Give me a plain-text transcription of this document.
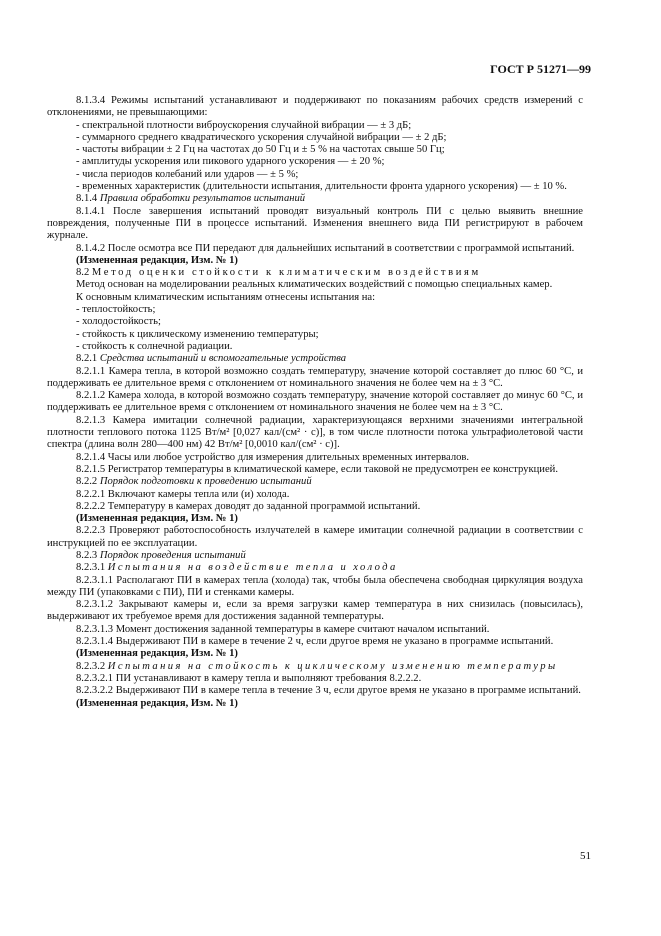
ГОСТ Р 51271—99

8.1.3.4 Режимы испытаний устанавливают и поддерживают по показаниям рабочих средств измерений с отклонениями, не превышающими:

- спектральной плотности виброускорения случайной вибрации — ± 3 дБ;

- суммарного среднего квадратического ускорения случайной вибрации — ± 2 дБ;

- частоты вибрации ± 2 Гц на частотах до 50 Гц и ± 5 % на частотах свыше 50 Гц;

- амплитуды ускорения или пикового ударного ускорения — ± 20 %;

- числа периодов колебаний или ударов — ± 5 %;

- временных характеристик (длительности испытания, длительности фронта ударного ускорения) — ± 10 %.

8.1.4 Правила обработки результатов испытаний

8.1.4.1 После завершения испытаний проводят визуальный контроль ПИ с целью выявить внешние повреждения, полученные ПИ в процессе испытаний. Изменения внешнего вида ПИ регистрируют в рабочем журнале.

8.1.4.2 После осмотра все ПИ передают для дальнейших испытаний в соответствии с программой испытаний.

(Измененная редакция, Изм. № 1)

8.2 Метод оценки стойкости к климатическим воздействиям

Метод основан на моделировании реальных климатических воздействий с помощью специальных камер.

К основным климатическим испытаниям отнесены испытания на:

- теплостойкость;

- холодостойкость;

- стойкость к циклическому изменению температуры;

- стойкость к солнечной радиации.

8.2.1 Средства испытаний и вспомогательные устройства

8.2.1.1 Камера тепла, в которой возможно создать температуру, значение которой составляет до плюс 60 °С, и поддерживать ее длительное время с отклонением от номинального значения не более чем на ± 3 °С.

8.2.1.2 Камера холода, в которой возможно создать температуру, значение которой составляет до минус 60 °С, и поддерживать ее длительное время с отклонением от номинального значения не более чем на ± 3 °С.

8.2.1.3 Камера имитации солнечной радиации, характеризующаяся верхними значениями интегральной плотности теплового потока 1125 Вт/м² [0,027 кал/(см² · с)], в том числе плотности потока ультрафиолетовой части спектра (длина волн 280—400 нм) 42 Вт/м² [0,0010 кал/(см² · с)].

8.2.1.4 Часы или любое устройство для измерения длительных временных интервалов.

8.2.1.5 Регистратор температуры в климатической камере, если таковой не предусмотрен ее конструкцией.

8.2.2 Порядок подготовки к проведению испытаний

8.2.2.1 Включают камеры тепла или (и) холода.

8.2.2.2 Температуру в камерах доводят до заданной программой испытаний.

(Измененная редакция, Изм. № 1)

8.2.2.3 Проверяют работоспособность излучателей в камере имитации солнечной радиации в соответствии с инструкцией по ее эксплуатации.

8.2.3 Порядок проведения испытаний

8.2.3.1 Испытания на воздействие тепла и холода

8.2.3.1.1 Располагают ПИ в камерах тепла (холода) так, чтобы была обеспечена свободная циркуляция воздуха между ПИ (упаковками с ПИ), ПИ и стенками камеры.

8.2.3.1.2 Закрывают камеры и, если за время загрузки камер температура в них снизилась (повысилась), выдерживают их требуемое время для достижения заданной температуры.

8.2.3.1.3 Момент достижения заданной температуры в камере считают началом испытаний.

8.2.3.1.4 Выдерживают ПИ в камере в течение 2 ч, если другое время не указано в программе испытаний.

(Измененная редакция, Изм. № 1)

8.2.3.2 Испытания на стойкость к циклическому изменению температуры

8.2.3.2.1 ПИ устанавливают в камеру тепла и выполняют требования 8.2.2.2.

8.2.3.2.2 Выдерживают ПИ в камере тепла в течение 3 ч, если другое время не указано в программе испытаний.

(Измененная редакция, Изм. № 1)

51
